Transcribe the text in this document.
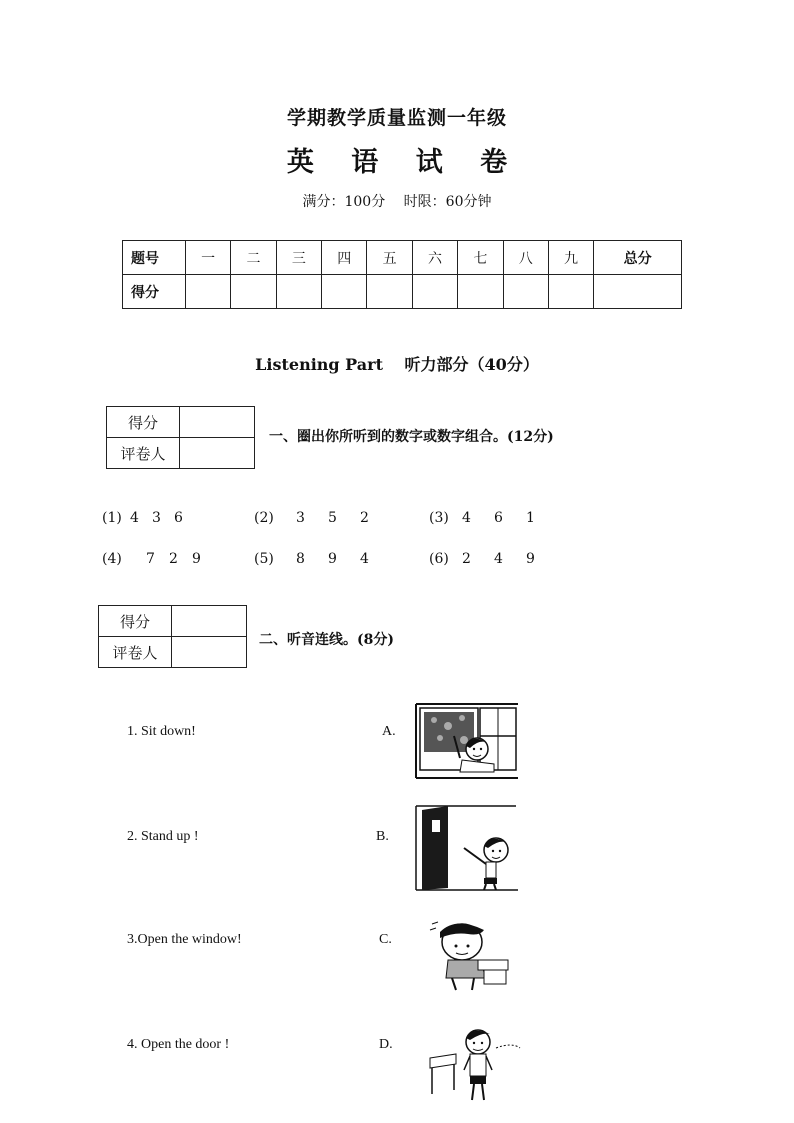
学期教学质量监测一年级
英 语 试 卷
满分：100分 时限：60分钟
题号	一	二	三	四	五	六	七	八	九	总分
得分										
Listening Part 听力部分（40分）
得分	
评卷人	
一、圈出你所听到的数字或数字组合。(12分)
(1) 4 3 6	(2) 3 5 2	(3) 4 6 1
(4) 7 2 9	(5) 8 9 4	(6) 2 4 9
得分	
评卷人	
二、听音连线。(8分)
1. Sit down!
2. Stand up !
3.Open the window!
4. Open the door !
A.
B.
C.
D.
